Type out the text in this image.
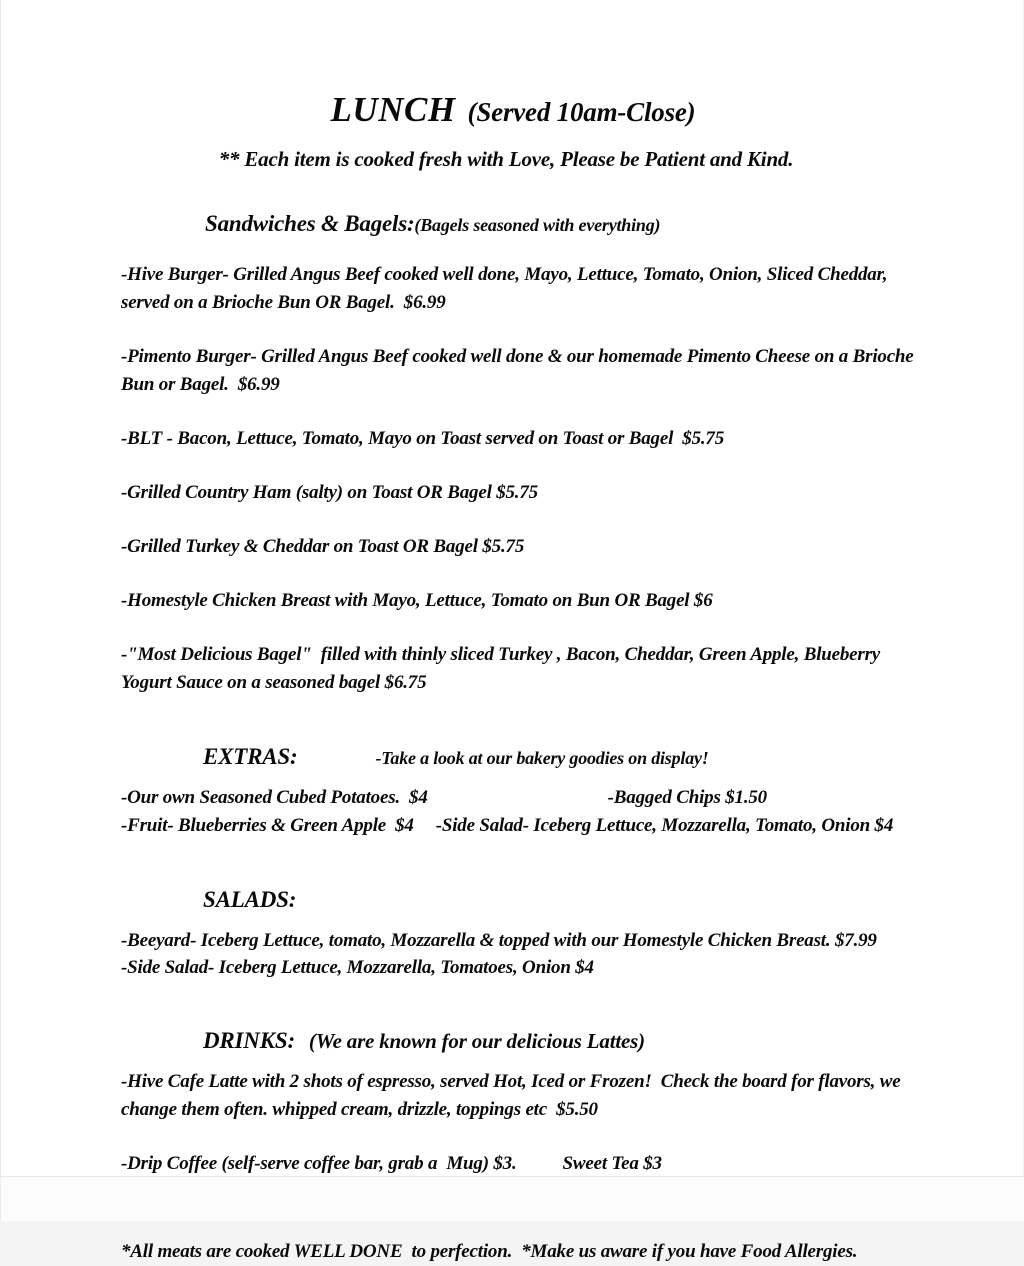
LUNCH (Served 10am-Close)
** Each item is cooked fresh with Love, Please be Patient and Kind.

Sandwiches & Bagels:(Bagels seasoned with everything)

-Hive Burger- Grilled Angus Beef cooked well done, Mayo, Lettuce, Tomato, Onion, Sliced Cheddar, served on a Brioche Bun OR Bagel.  $6.99
-Pimento Burger- Grilled Angus Beef cooked well done & our homemade Pimento Cheese on a Brioche Bun or Bagel.  $6.99
-BLT - Bacon, Lettuce, Tomato, Mayo on Toast served on Toast or Bagel  $5.75
-Grilled Country Ham (salty) on Toast OR Bagel $5.75
-Grilled Turkey & Cheddar on Toast OR Bagel $5.75
-Homestyle Chicken Breast with Mayo, Lettuce, Tomato on Bun OR Bagel $6
-"Most Delicious Bagel"  filled with thinly sliced Turkey , Bacon, Cheddar, Green Apple, Blueberry Yogurt Sauce on a seasoned bagel $6.75

EXTRAS:	-Take a look at our bakery goodies on display!

-Our own Seasoned Cubed Potatoes.  $4	-Bagged Chips $1.50
-Fruit- Blueberries & Green Apple  $4 -Side Salad- Iceberg Lettuce, Mozzarella, Tomato, Onion $4

SALADS:

-Beeyard- Iceberg Lettuce, tomato, Mozzarella & topped with our Homestyle Chicken Breast. $7.99
-Side Salad- Iceberg Lettuce, Mozzarella, Tomatoes, Onion $4

DRINKS: (We are known for our delicious Lattes)

-Hive Cafe Latte with 2 shots of espresso, served Hot, Iced or Frozen!  Check the board for flavors, we change them often. whipped cream, drizzle, toppings etc  $5.50
-Drip Coffee (self-serve coffee bar, grab a  Mug) $3. Sweet Tea $3
*All meats are cooked WELL DONE  to perfection.  *Make us aware if you have Food Allergies.
